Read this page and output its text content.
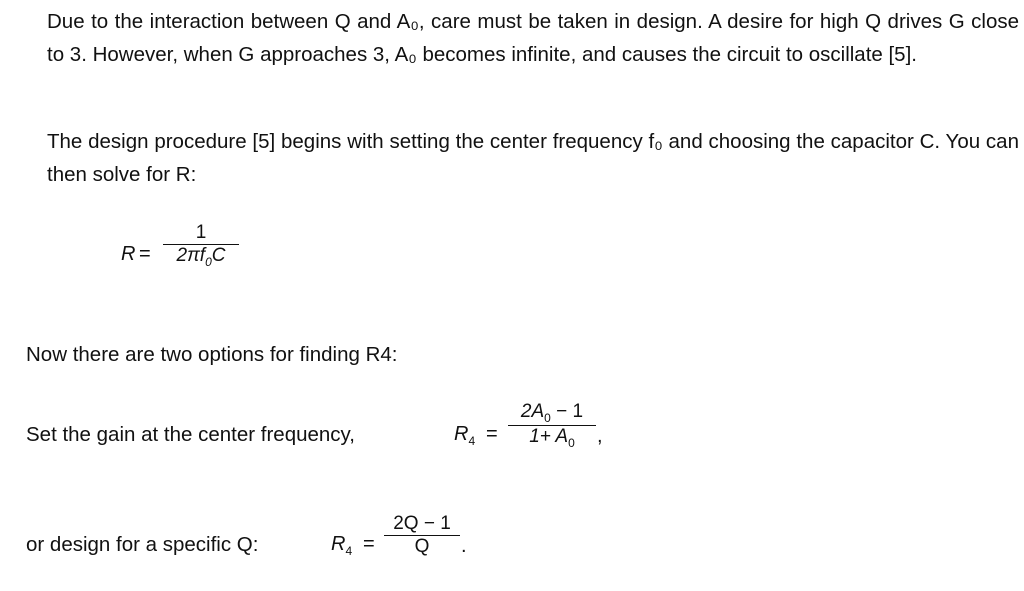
Due to the interaction between Q and A₀, care must be taken in design. A desire for high Q drives G close to 3. However, when G approaches 3, A₀ becomes infinite, and causes the circuit to oscillate [5].

The design procedure [5] begins with setting the center frequency f₀ and choosing the capacitor C. You can then solve for R:

R =
1
$2\pi f_0C$
Now there are two options for finding R4:
Set the gain at the center frequency,	$R_4$ =
$2A_0 - 1$
$1+ A_0$	,
or design for a specific Q:	$R_4$ =
2Q − 1
Q	.
